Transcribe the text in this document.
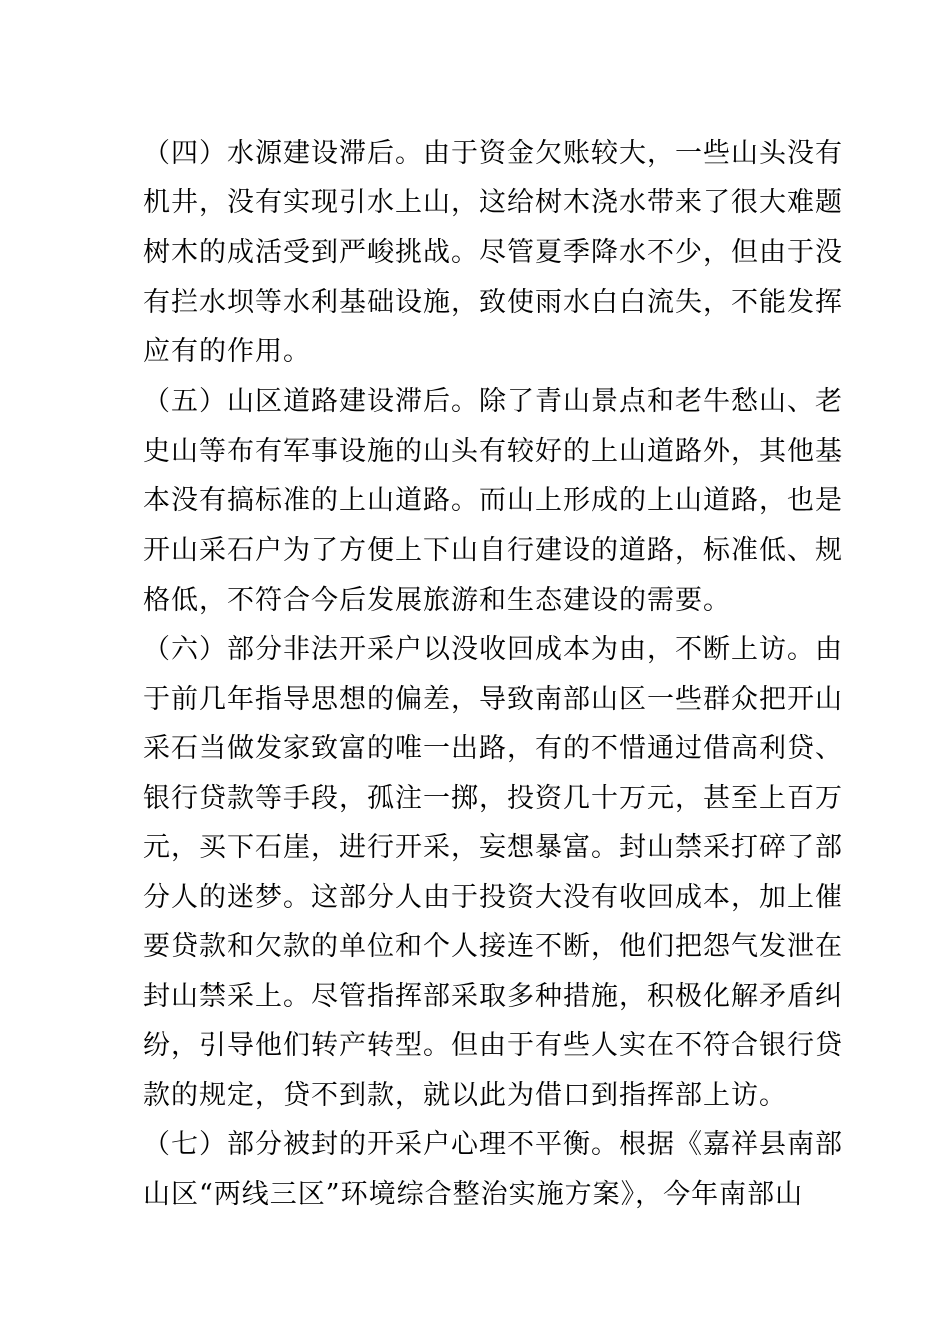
（四）水源建设滞后。由于资金欠账较大，一些山头没有

机井，没有实现引水上山，这给树木浇水带来了很大难题

树木的成活受到严峻挑战。尽管夏季降水不少，但由于没

有拦水坝等水利基础设施，致使雨水白白流失，不能发挥

应有的作用。

（五）山区道路建设滞后。除了青山景点和老牛愁山、老

史山等布有军事设施的山头有较好的上山道路外，其他基

本没有搞标准的上山道路。而山上形成的上山道路，也是

开山采石户为了方便上下山自行建设的道路，标准低、规

格低，不符合今后发展旅游和生态建设的需要。

（六）部分非法开采户以没收回成本为由，不断上访。由

于前几年指导思想的偏差，导致南部山区一些群众把开山

采石当做发家致富的唯一出路，有的不惜通过借高利贷、

银行贷款等手段，孤注一掷，投资几十万元，甚至上百万

元，买下石崖，进行开采，妄想暴富。封山禁采打碎了部

分人的迷梦。这部分人由于投资大没有收回成本，加上催

要贷款和欠款的单位和个人接连不断，他们把怨气发泄在

封山禁采上。尽管指挥部采取多种措施，积极化解矛盾纠

纷，引导他们转产转型。但由于有些人实在不符合银行贷

款的规定，贷不到款，就以此为借口到指挥部上访。

（七）部分被封的开采户心理不平衡。根据《嘉祥县南部

山区“两线三区”环境综合整治实施方案》，今年南部山
